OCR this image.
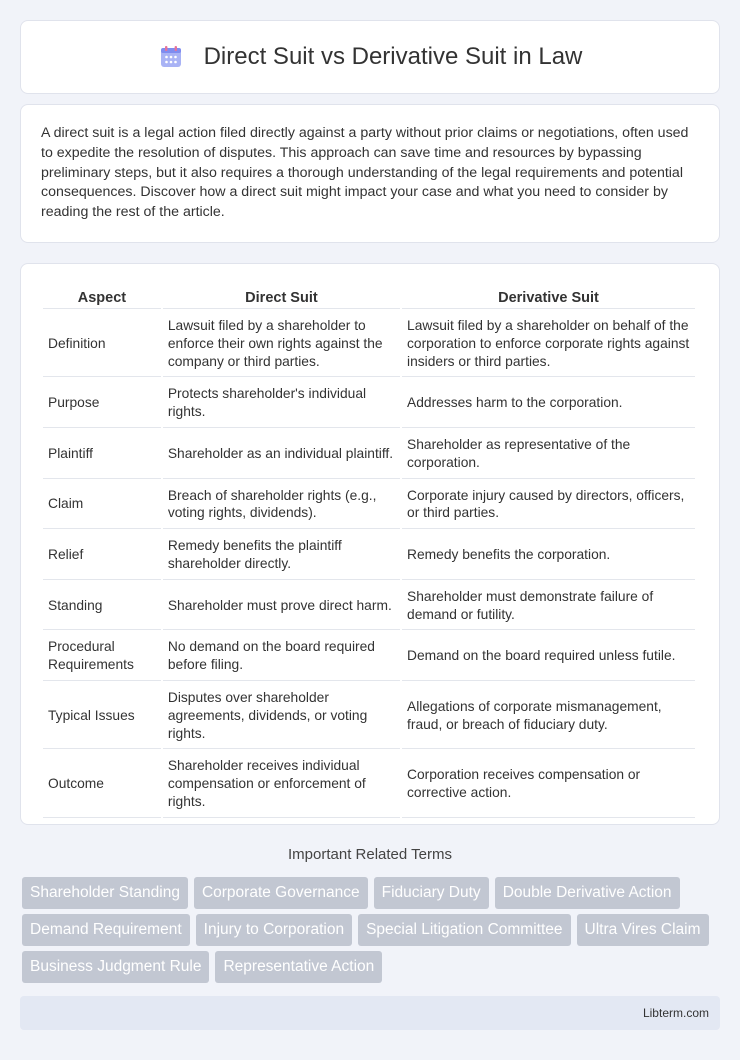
Direct Suit vs Derivative Suit in Law

A direct suit is a legal action filed directly against a party without prior claims or negotiations, often used to expedite the resolution of disputes. This approach can save time and resources by bypassing preliminary steps, but it also requires a thorough understanding of the legal requirements and potential consequences. Discover how a direct suit might impact your case and what you need to consider by reading the rest of the article.

Aspect	Direct Suit	Derivative Suit
Definition	Lawsuit filed by a shareholder to enforce their own rights against the company or third parties.	Lawsuit filed by a shareholder on behalf of the corporation to enforce corporate rights against insiders or third parties.
Purpose	Protects shareholder's individual rights.	Addresses harm to the corporation.
Plaintiff	Shareholder as an individual plaintiff.	Shareholder as representative of the corporation.
Claim	Breach of shareholder rights (e.g., voting rights, dividends).	Corporate injury caused by directors, officers, or third parties.
Relief	Remedy benefits the plaintiff shareholder directly.	Remedy benefits the corporation.
Standing	Shareholder must prove direct harm.	Shareholder must demonstrate failure of demand or futility.
Procedural Requirements	No demand on the board required before filing.	Demand on the board required unless futile.
Typical Issues	Disputes over shareholder agreements, dividends, or voting rights.	Allegations of corporate mismanagement, fraud, or breach of fiduciary duty.
Outcome	Shareholder receives individual compensation or enforcement of rights.	Corporation receives compensation or corrective action.
Important Related Terms
Shareholder Standing	Corporate Governance	Fiduciary Duty	Double Derivative Action
Demand Requirement	Injury to Corporation	Special Litigation Committee	Ultra Vires Claim
Business Judgment Rule	Representative Action
Libterm.com
